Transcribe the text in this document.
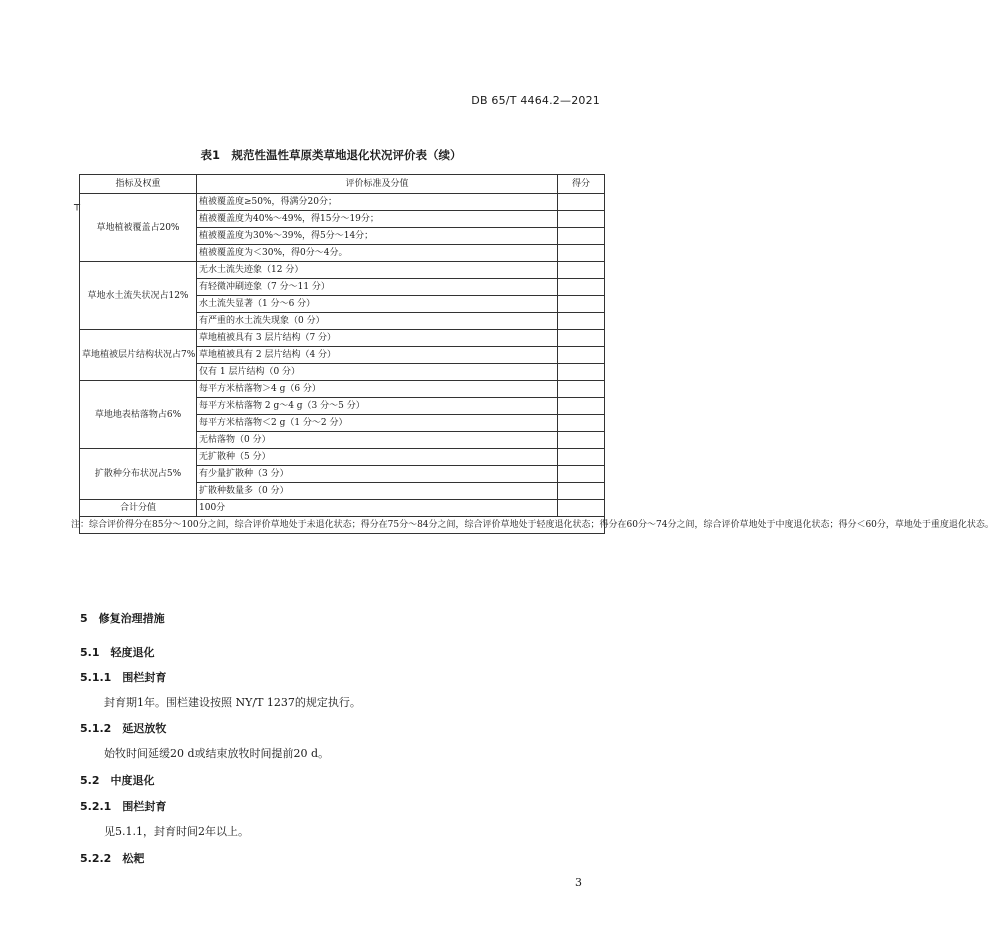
DB 65/T 4464.2—2021
┬
表1　规范性温性草原类草地退化状况评价表（续）
指标及权重	评价标准及分值	得分
草地植被覆盖占20%	植被覆盖度≥50%，得满分20分；	
	植被覆盖度为40%～49%，得15分～19分；	
	植被覆盖度为30%～39%，得5分～14分；	
	植被覆盖度为＜30%，得0分～4分。	
草地水土流失状况占12%	无水土流失迹象（12 分）	
	有轻微冲刷迹象（7 分～11 分）	
	水土流失显著（1 分～6 分）	
	有严重的水土流失现象（0 分）	
草地植被层片结构状况占7%	草地植被具有 3 层片结构（7 分）	
	草地植被具有 2 层片结构（4 分）	
	仅有 1 层片结构（0 分）	
草地地表枯落物占6%	每平方米枯落物＞4 g（6 分）	
	每平方米枯落物 2 g～4 g（3 分～5 分）	
	每平方米枯落物＜2 g（1 分～2 分）	
	无枯落物（0 分）	
扩散种分布状况占5%	无扩散种（5 分）	
	有少量扩散种（3 分）	
	扩散种数量多（0 分）	
合计分值	100分	
注：综合评价得分在85分～100分之间，综合评价草地处于未退化状态；得分在75分～84分之间，综合评价草地处于轻度退化状态；得分在60分～74分之间，综合评价草地处于中度退化状态；得分＜60分，草地处于重度退化状态。		
5　修复治理措施
5.1　轻度退化
5.1.1　围栏封育
封育期1年。围栏建设按照 NY/T 1237的规定执行。
5.1.2　延迟放牧
始牧时间延缓20 d或结束放牧时间提前20 d。
5.2　中度退化
5.2.1　围栏封育
见5.1.1，封育时间2年以上。
5.2.2　松耙
3
